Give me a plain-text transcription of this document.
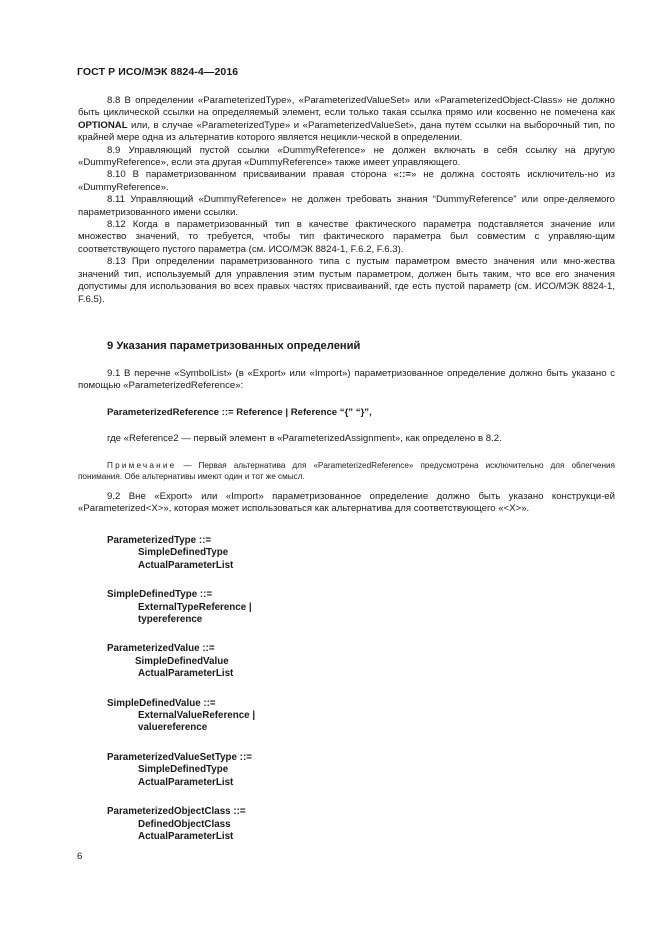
ГОСТ Р ИСО/МЭК 8824-4—2016

8.8 В определении «ParameterizedType», «ParameterizedValueSet» или «ParameterizedObject-Class» не должно быть циклической ссылки на определяемый элемент, если только такая ссылка прямо или косвенно не помечена как OPTIONAL или, в случае «ParameterizedType» и «ParameterizedValueSet», дана путем ссылки на выборочный тип, по крайней мере одна из альтернатив которого является нецикли-ческой в определении.

8.9 Управляющий пустой ссылки «DummyReference» не должен включать в себя ссылку на другую «DummyReference», если эта другая «DummyReference» также имеет управляющего.

8.10 В параметризованном присваивании правая сторона «::=» не должна состоять исключитель-но из «DummyReference».

8.11 Управляющий «DummyReference» не должен требовать знания “DummyReference” или опре-деляемого параметризованного имени ссылки.

8.12 Когда в параметризованный тип в качестве фактического параметра подставляется значение или множество значений, то требуется, чтобы тип фактического параметра был совместим с управляю-щим соответствующего пустого параметра (см. ИСО/МЭК 8824-1, F.6.2, F.6.3).

8.13 При определении параметризованного типа с пустым параметром вместо значения или мно-жества значений тип, используемый для управления этим пустым параметром, должен быть таким, что все его значения допустимы для использования во всех правых частях присваиваний, где есть пустой параметр (см. ИСО/МЭК 8824-1, F.6.5).

9 Указания параметризованных определений

9.1 В перечне «SymbolList» (в «Export» или «Import») параметризованное определение должно быть указано с помощью «ParameterizedReference»:

ParameterizedReference ::= Reference | Reference “{” “}”,
где «Reference2 — первый элемент в «ParameterizedAssignment», как определено в 8.2.

Примечание — Первая альтернатива для «ParameterizedReference» предусмотрена исключительно для облегчения понимания. Обе альтернативы имеют один и тот же смысл.

9.2 Вне «Export» или «Import» параметризованное определение должно быть указано конструкци-ей «Parameterized<X>», которая может использоваться как альтернатива для соответствующего «<X>».

ParameterizedType ::=
SimpleDefinedType
ActualParameterList
SimpleDefinedType ::=
ExternalTypeReference |
typereference
ParameterizedValue ::=
SimpleDefinedValue
ActualParameterList
SimpleDefinedValue ::=
ExternalValueReference |
valuereference
ParameterizedValueSetType ::=
SimpleDefinedType
ActualParameterList
ParameterizedObjectClass ::=
DefinedObjectClass
ActualParameterList
6
